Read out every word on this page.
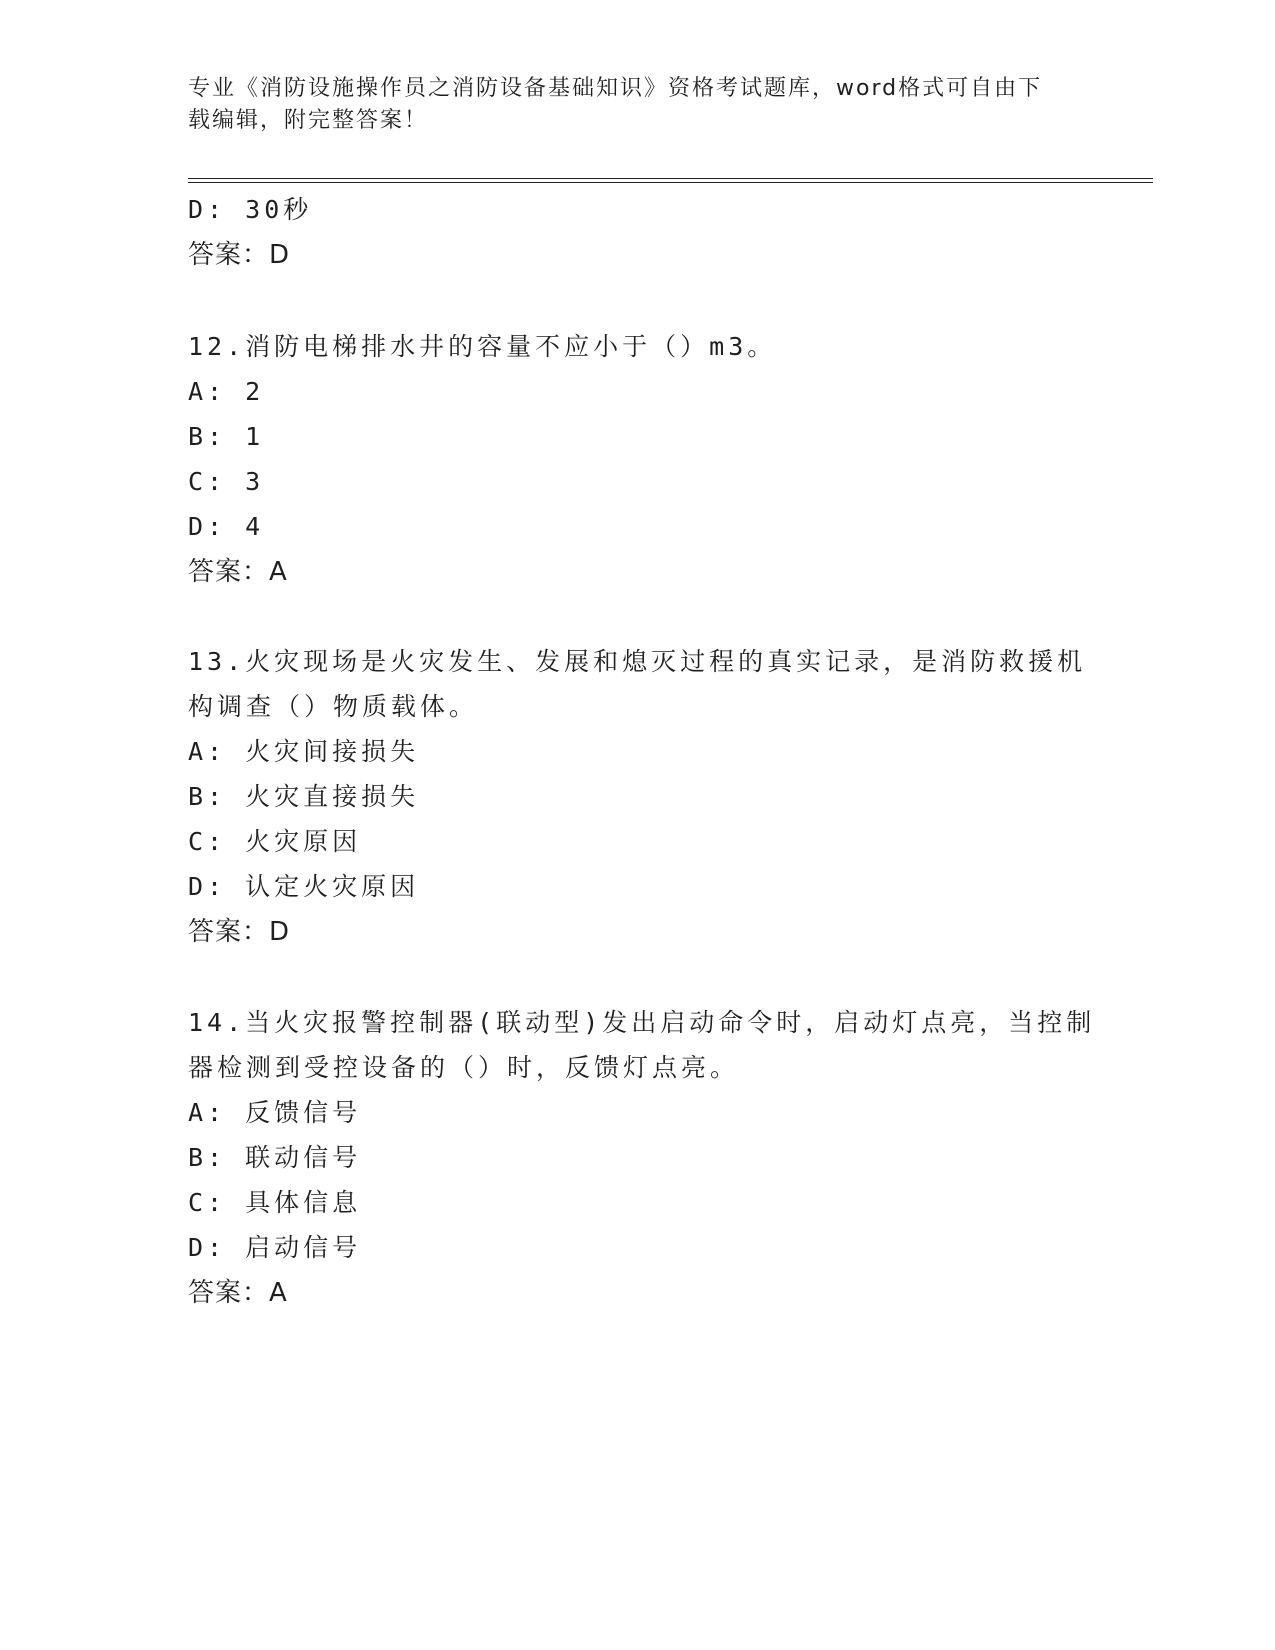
专业《消防设施操作员之消防设备基础知识》资格考试题库，word格式可自由下
载编辑，附完整答案！
D: 30秒
答案：D
12.消防电梯排水井的容量不应小于（）m3。
A: 2
B: 1
C: 3
D: 4
答案：A
13.火灾现场是火灾发生、发展和熄灭过程的真实记录，是消防救援机
构调查（）物质载体。
A: 火灾间接损失
B: 火灾直接损失
C: 火灾原因
D: 认定火灾原因
答案：D
14.当火灾报警控制器(联动型)发出启动命令时，启动灯点亮，当控制
器检测到受控设备的（）时，反馈灯点亮。
A: 反馈信号
B: 联动信号
C: 具体信息
D: 启动信号
答案：A
